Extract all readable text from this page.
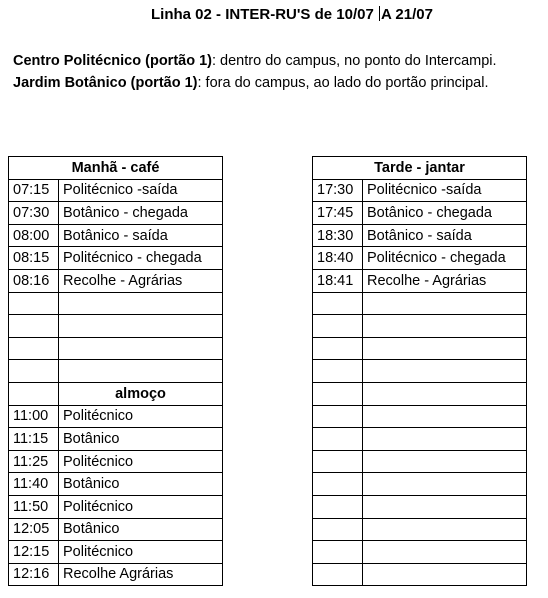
Linha 02 - INTER-RU'S de 10/07 A 21/07
Centro Politécnico (portão 1): dentro do campus, no ponto do Intercampi.
Jardim Botânico (portão 1): fora do campus, ao lado do portão principal.
Manhã - café	
07:15	Politécnico -saída
07:30	Botânico - chegada
08:00	Botânico - saída
08:15	Politécnico - chegada
08:16	Recolhe - Agrárias

	almoço
11:00	Politécnico
11:15	Botânico
11:25	Politécnico
11:40	Botânico
11:50	Politécnico
12:05	Botânico
12:15	Politécnico
12:16	Recolhe Agrárias
Tarde - jantar	
17:30	Politécnico -saída
17:45	Botânico - chegada
18:30	Botânico - saída
18:40	Politécnico - chegada
18:41	Recolhe - Agrárias
